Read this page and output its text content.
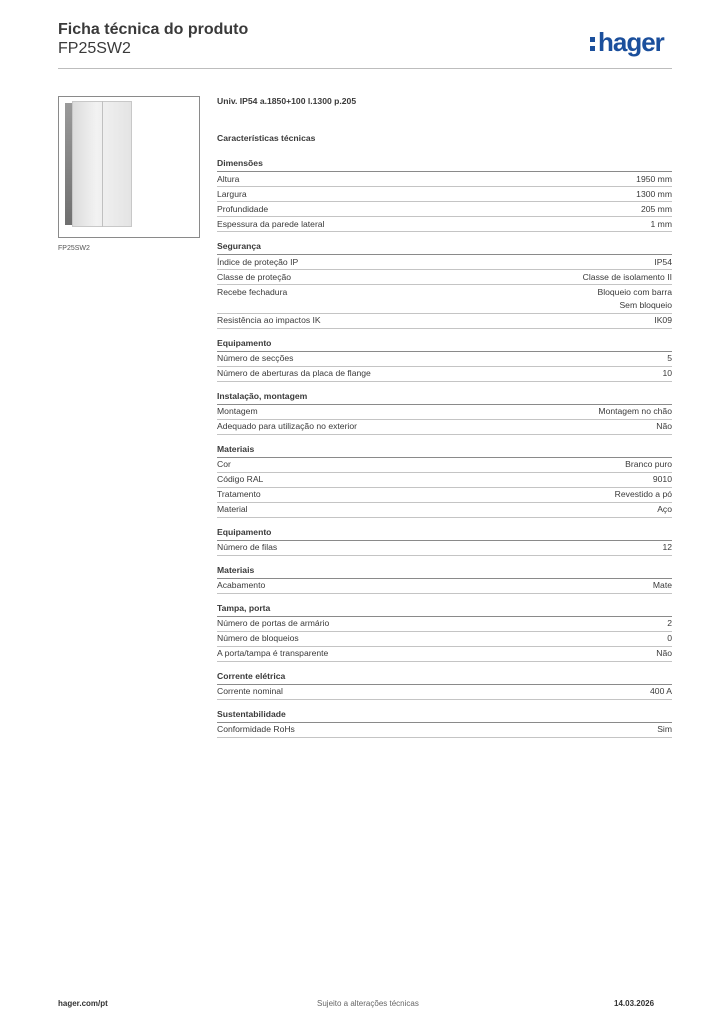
Ficha técnica do produto
FP25SW2	hager
FP25SW2
Univ. IP54 a.1850+100 l.1300 p.205
Características técnicas
Dimensões
Altura	1950 mm
Largura	1300 mm
Profundidade	205 mm
Espessura da parede lateral	1 mm
Segurança
Índice de proteção IP	IP54
Classe de proteção	Classe de isolamento II
Recebe fechadura	Bloqueio com barra
Sem bloqueio
Resistência ao impactos IK	IK09
Equipamento
Número de secções	5
Número de aberturas da placa de flange	10
Instalação, montagem
Montagem	Montagem no chão
Adequado para utilização no exterior	Não
Materiais
Cor	Branco puro
Código RAL	9010
Tratamento	Revestido a pó
Material	Aço
Equipamento
Número de filas	12
Materiais
Acabamento	Mate
Tampa, porta
Número de portas de armário	2
Número de bloqueios	0
A porta/tampa é transparente	Não
Corrente elétrica
Corrente nominal	400 A
Sustentabilidade
Conformidade RoHs	Sim
hager.com/pt	Sujeito a alterações técnicas	14.03.2026
